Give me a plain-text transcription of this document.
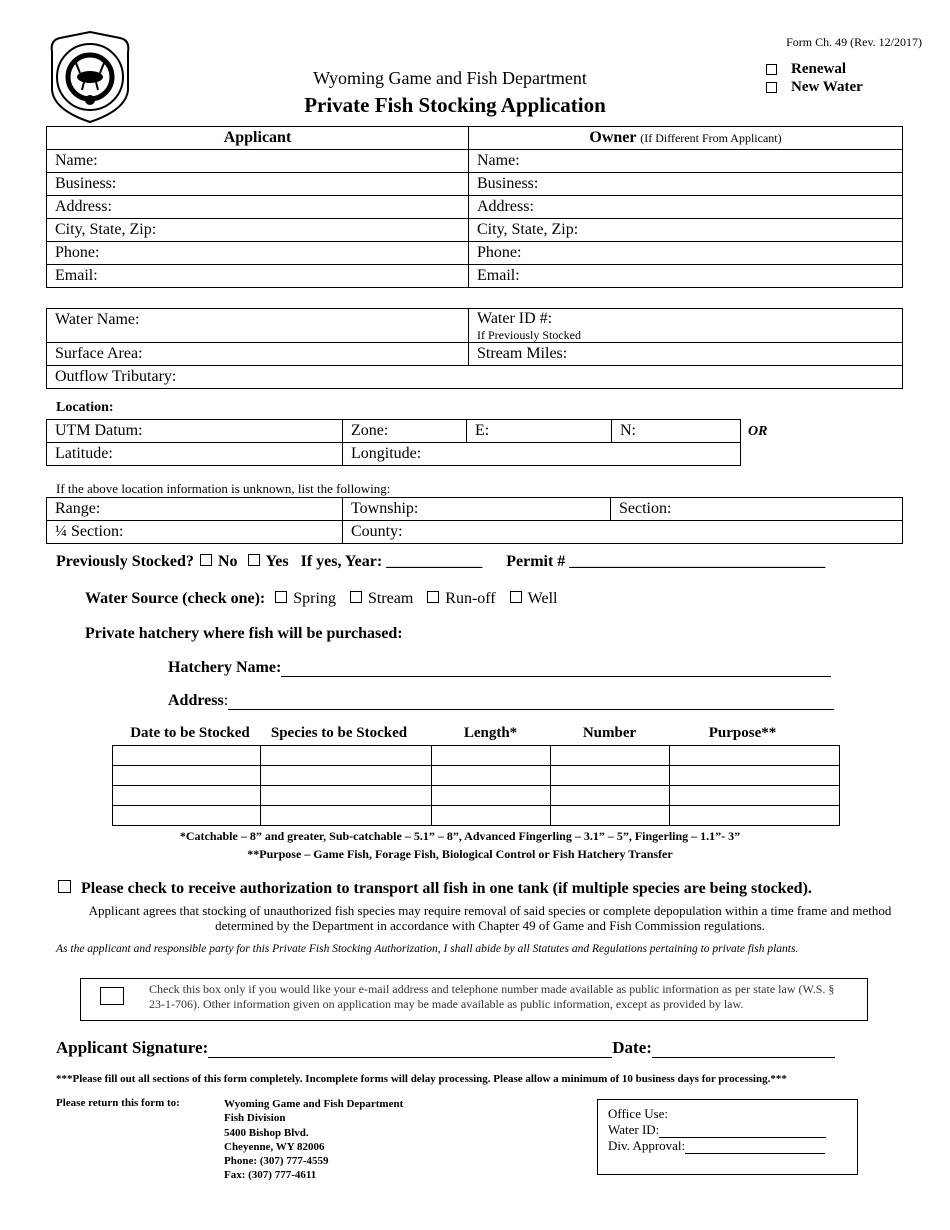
Form Ch. 49 (Rev. 12/2017)
Renewal
New Water
Wyoming Game and Fish Department
Private Fish Stocking Application
Applicant	Owner (If Different From Applicant)
Name:	Name:
Business:	Business:
Address:	Address:
City, State, Zip:	City, State, Zip:
Phone:	Phone:
Email:	Email:
Water Name:	Water ID #:
If Previously Stocked

Surface Area:	Stream Miles:
Outflow Tributary:	
Location:
UTM Datum:	Zone:	E:	N:
Latitude:	Longitude:		
OR
If the above location information is unknown, list the following:
Range:	Township:	Section:
¼ Section:	County:	
Previously Stocked? No Yes If yes, Year: ____________ Permit # ________________________________
Water Source (check one): Spring Stream Run-off Well
Private hatchery where fish will be purchased:
Hatchery Name:
Address :
Date to be Stocked	Species to be Stocked	Length*	Number	Purpose**

*Catchable – 8” and greater, Sub-catchable – 5.1” – 8”, Advanced Fingerling – 3.1” – 5”, Fingerling – 1.1”- 3”
**Purpose – Game Fish, Forage Fish, Biological Control or Fish Hatchery Transfer
Please check to receive authorization to transport all fish in one tank (if multiple species are being stocked).
Applicant agrees that stocking of unauthorized fish species may require removal of said species or complete depopulation within a time frame and method determined by the Department in accordance with Chapter 49 of Game and Fish Commission regulations.
As the applicant and responsible party for this Private Fish Stocking Authorization, I shall abide by all Statutes and Regulations pertaining to private fish plants.
Check this box only if you would like your e-mail address and telephone number made available as public information as per state law (W.S. § 23-1-706). Other information given on application may be made available as public information, except as provided by law.
Applicant Signature:	Date:
***Please fill out all sections of this form completely. Incomplete forms will delay processing. Please allow a minimum of 10 business days for processing.***
Please return this form to:	Wyoming Game and Fish Department
Fish Division
5400 Bishop Blvd.
Cheyenne, WY 82006
Phone: (307) 777-4559
Fax: (307) 777-4611
Office Use:
Water ID:
Div. Approval:
